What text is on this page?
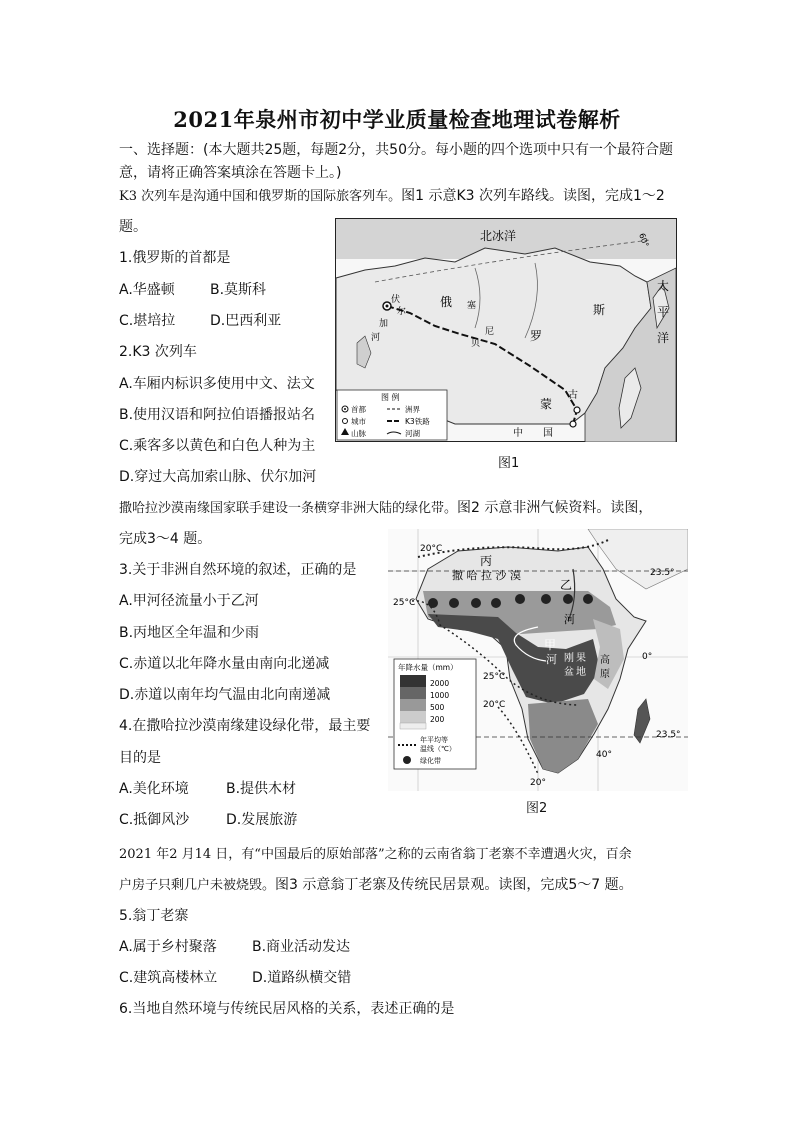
2021年泉州市初中学业质量检查地理试卷解析
一、选择题：(本大题共25题，每题2分，共50分。每小题的四个选项中只有一个最符合题
意，请将正确答案填涂在答题卡上。)
K3 次列车是沟通中国和俄罗斯的国际旅客列车。图1 示意K3 次列车路线。读图，完成1～2
题。
1.俄罗斯的首都是
A.华盛顿	B.莫斯科
C.堪培拉 D.巴西利亚
2.K3 次列车
A.车厢内标识多使用中文、法文
B.使用汉语和阿拉伯语播报站名
C.乘客多以黄色和白色人种为主
D.穿过大高加索山脉、伏尔加河
北冰洋	60°
太
平
洋
俄
罗
斯
蒙
古
中 国
伏
尔
加
河
贝
尼
塞
图 例
首都
城市
山脉
洲界
K3铁路
河湖
图1
撒哈拉沙漠南缘国家联手建设一条横穿非洲大陆的绿化带。图2 示意非洲气候资料。读图，
完成3～4 题。
3.关于非洲自然环境的叙述，正确的是
A.甲河径流量小于乙河
B.丙地区全年温和少雨
C.赤道以北年降水量由南向北递减
D.赤道以南年均气温由北向南递减
4.在撒哈拉沙漠南缘建设绿化带，最主要
目的是
A.美化环境	B.提供木材
C.抵御风沙	D.发展旅游
20°C
25°C
25°C
20°C
20°
23.5°
23.5°
0°
40°
丙
撒 哈 拉 沙 漠
乙
河
甲
河 刚 果
盆 地
高
原
年降水量（mm）
2000
1000
500
200
年平均等
温线（℃）
绿化带
图2
2021 年2 月14 日，有“中国最后的原始部落”之称的云南省翁丁老寨不幸遭遇火灾，百余
户房子只剩几户未被烧毁。图3 示意翁丁老寨及传统民居景观。读图，完成5～7 题。
5.翁丁老寨
A.属于乡村聚落	B.商业活动发达
C.建筑高楼林立 D.道路纵横交错
6.当地自然环境与传统民居风格的关系，表述正确的是
